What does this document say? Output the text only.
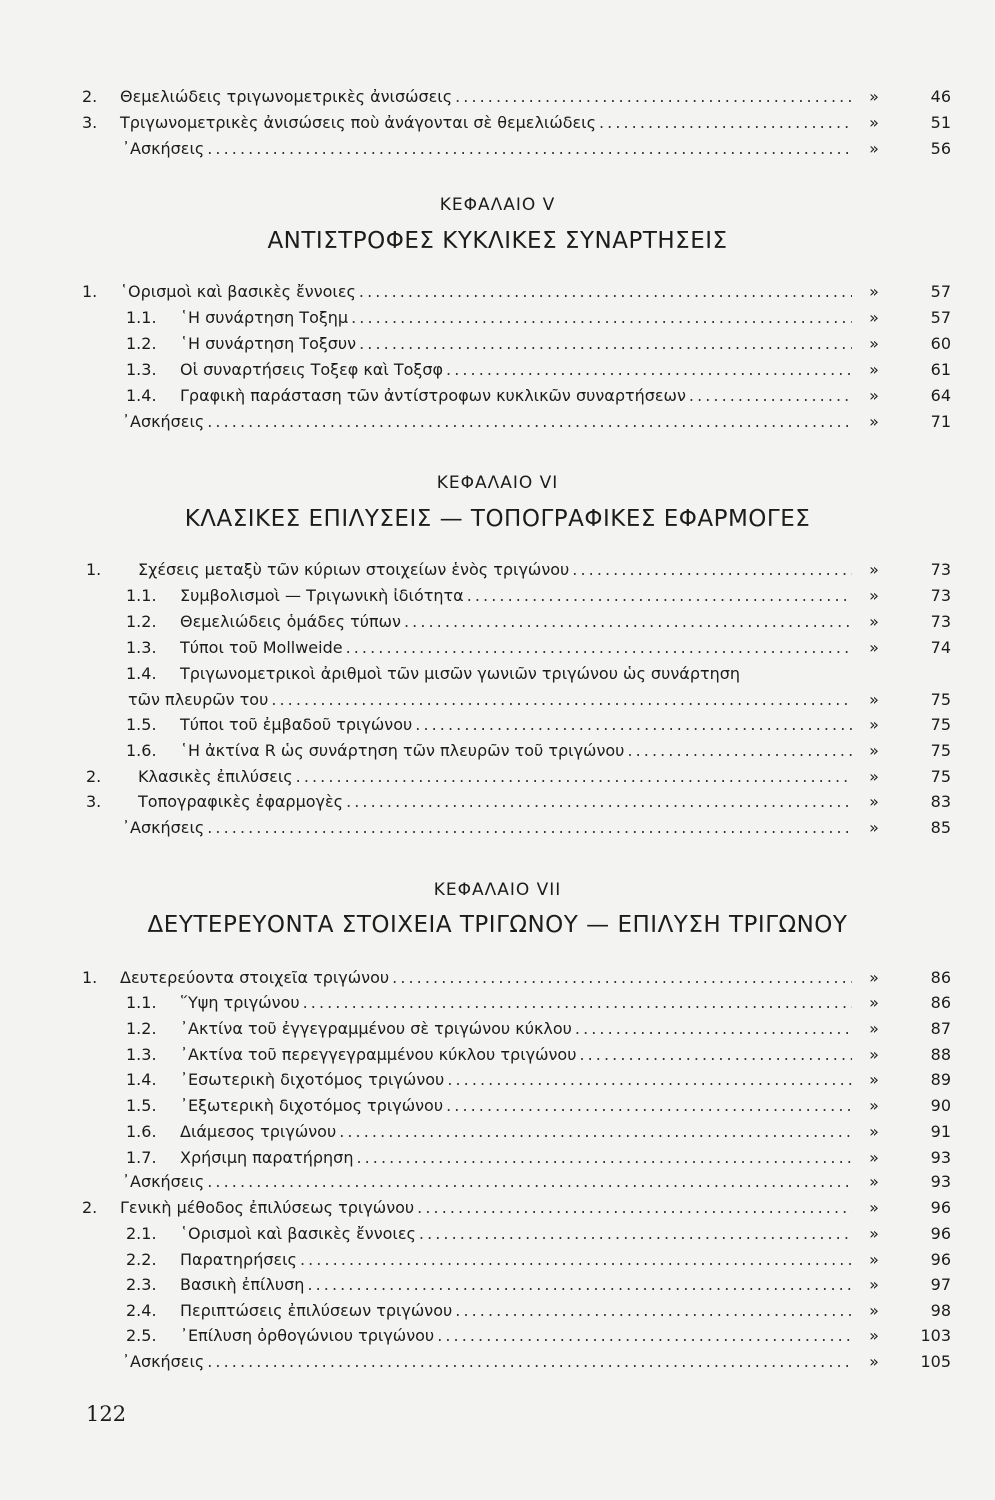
122
2. Θεμελιώδεις τριγωνομετρικὲς ἀνισώσεις . . .	»	46
3. Τριγωνομετρικὲς ἀνισώσεις ποὺ ἀνάγονται σὲ θεμελιώδεις . . .	»	51
᾿Ασκήσεις . . .	»	56
ΚΕΦΑΛΑΙΟ V
ΑΝΤΙΣΤΡΟΦΕΣ ΚΥΚΛΙΚΕΣ ΣΥΝΑΡΤΗΣΕΙΣ
1. ῾Ορισμοὶ καὶ βασικὲς ἔννοιες . . .	»	57
1.1. ῾Η συνάρτηση Τοξημ . . .	»	57
1.2. ῾Η συνάρτηση Τοξσυν . . .	»	60
1.3. Οἱ συναρτήσεις Τοξεφ καὶ Τοξσφ . . .	»	61
1.4. Γραφικὴ παράσταση τῶν ἀντίστροφων κυκλικῶν συναρτήσεων . . .	»	64
᾿Ασκήσεις . . .	»	71
ΚΕΦΑΛΑΙΟ VI
ΚΛΑΣΙΚΕΣ ΕΠΙΛΥΣΕΙΣ — ΤΟΠΟΓΡΑΦΙΚΕΣ ΕΦΑΡΜΟΓΕΣ
1. Σχέσεις μεταξὺ τῶν κύριων στοιχείων ἑνὸς τριγώνου . . .	»	73
1.1. Συμβολισμοὶ — Τριγωνικὴ ἰδιότητα . . .	»	73
1.2. Θεμελιώδεις ὁμάδες τύπων . . .	»	73
1.3. Τύποι τοῦ Mollweide . . .	»	74
1.4. Τριγωνομετρικοὶ ἀριθμοὶ τῶν μισῶν γωνιῶν τριγώνου ὡς συνάρτηση
τῶν πλευρῶν του . . .	»	75
1.5. Τύποι τοῦ ἐμβαδοῦ τριγώνου . . .	»	75
1.6. ῾Η ἀκτίνα R ὡς συνάρτηση τῶν πλευρῶν τοῦ τριγώνου . . .	»	75
2. Κλασικὲς ἐπιλύσεις . . .	»	75
3. Τοπογραφικὲς ἐφαρμογὲς . . .	»	83
᾿Ασκήσεις . . .	»	85
ΚΕΦΑΛΑΙΟ VII
ΔΕΥΤΕΡΕΥΟΝΤΑ ΣΤΟΙΧΕΙΑ ΤΡΙΓΩΝΟΥ — ΕΠΙΛΥΣΗ ΤΡΙΓΩΝΟΥ
1. Δευτερεύοντα στοιχεῖα τριγώνου . . .	»	86
1.1. ῞Υψη τριγώνου . . .	»	86
1.2. ᾿Ακτίνα τοῦ ἐγγεγραμμένου σὲ τριγώνου κύκλου . . .	»	87
1.3. ᾿Ακτίνα τοῦ περεγγεγραμμένου κύκλου τριγώνου . . .	»	88
1.4. ᾿Εσωτερικὴ διχοτόμος τριγώνου . . .	»	89
1.5. ᾿Εξωτερικὴ διχοτόμος τριγώνου . . .	»	90
1.6. Διάμεσος τριγώνου . . .	»	91
1.7. Χρήσιμη παρατήρηση . . .	»	93
᾿Ασκήσεις . . .	»	93
2. Γενικὴ μέθοδος ἐπιλύσεως τριγώνου . . .	»	96
2.1. ῾Ορισμοὶ καὶ βασικὲς ἔννοιες . . .	»	96
2.2. Παρατηρήσεις . . .	»	96
2.3. Βασικὴ ἐπίλυση . . .	»	97
2.4. Περιπτώσεις ἐπιλύσεων τριγώνου . . .	»	98
2.5. ᾿Επίλυση ὀρθογώνιου τριγώνου . . .	»	103
᾿Ασκήσεις . . .	»	105
